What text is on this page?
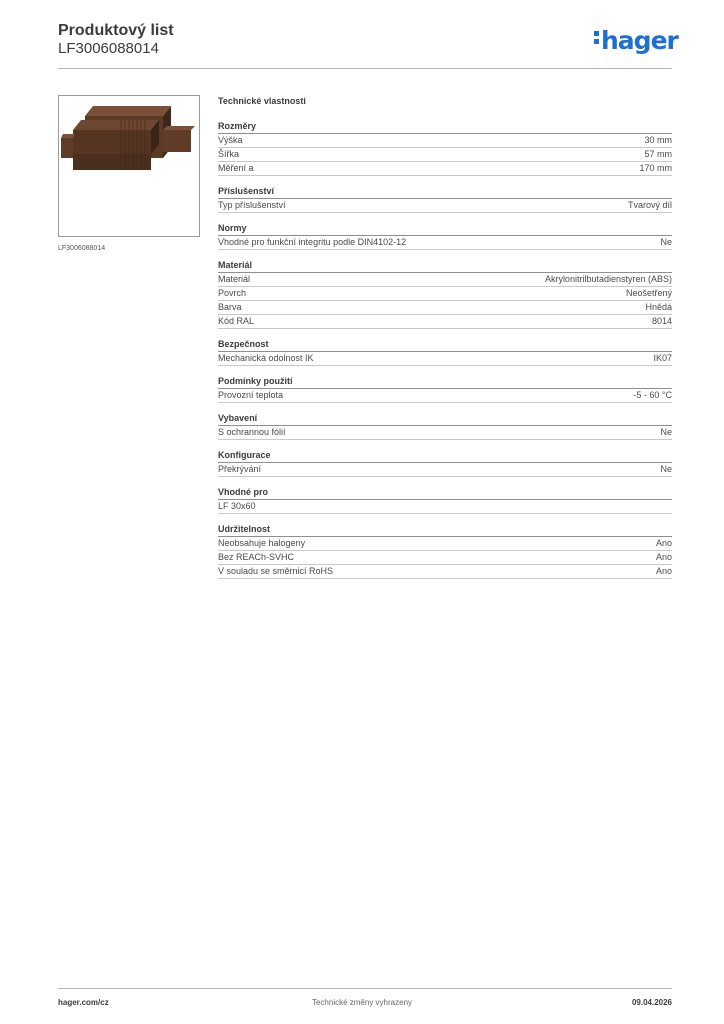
Produktový list
LF3006088014	hager
LF3006088014
Technické vlastnosti
Rozměry
Výška	30 mm
Šířka	57 mm
Měření a	170 mm
Příslušenství
Typ příslušenství	Tvarový díl
Normy
Vhodné pro funkční integritu podle DIN4102-12	Ne
Materiál
Materiál	Akrylonitrilbutadienstyren (ABS)
Povrch	Neošetřený
Barva	Hnědá
Kód RAL	8014
Bezpečnost
Mechanická odolnost IK	IK07
Podmínky použití
Provozní teplota	-5 - 60 °C
Vybavení
S ochrannou fólií	Ne
Konfigurace
Překrývání	Ne
Vhodné pro
LF 30x60
Udržitelnost
Neobsahuje halogeny	Ano
Bez REACh-SVHC	Ano
V souladu se směrnicí RoHS	Ano
hager.com/cz	Technické změny vyhrazeny	09.04.2026
